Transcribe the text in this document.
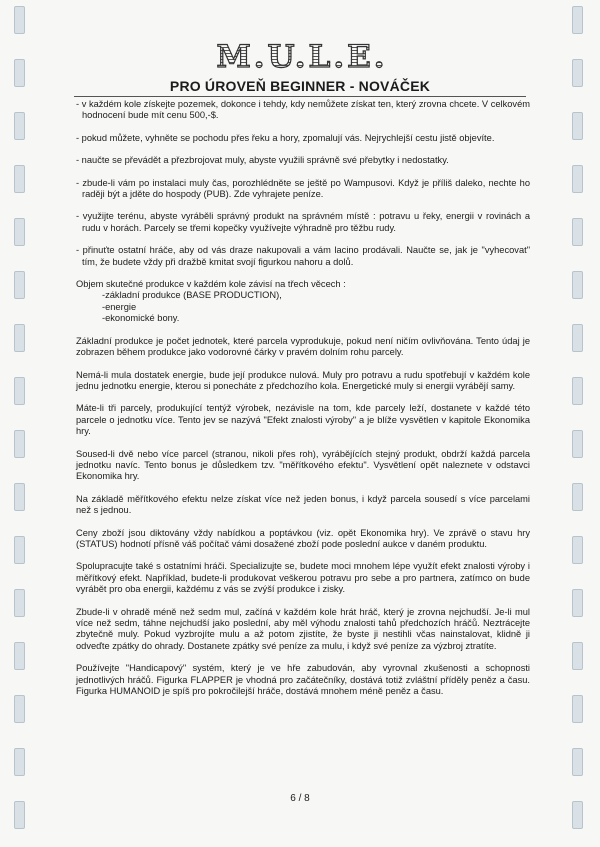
M.U.L.E.
PRO ÚROVEŇ BEGINNER - NOVÁČEK

- v každém kole získejte pozemek, dokonce i tehdy, kdy nemůžete získat ten, který zrovna chcete. V celkovém hodnocení bude mít cenu 500,-$.

- pokud můžete, vyhněte se pochodu přes řeku a hory, zpomalují vás. Nejrychlejší cestu jistě objevíte.

- naučte se převádět a přezbrojovat muly, abyste využili správně své přebytky i nedostatky.

- zbude-li vám po instalaci muly čas, porozhlédněte se ještě po Wampusovi. Když je příliš daleko, nechte ho raději být a jděte do hospody (PUB). Zde vyhrajete peníze.

- využijte terénu, abyste vyráběli správný produkt na správném místě : potravu u řeky, energii v rovinách a rudu v horách. Parcely se třemi kopečky využívejte výhradně pro těžbu rudy.

- přinuťte ostatní hráče, aby od vás draze nakupovali a vám lacino prodávali. Naučte se, jak je "vyhecovat" tím, že budete vždy při dražbě kmitat svojí figurkou nahoru a dolů.

Objem skutečné produkce v každém kole závisí na třech věcech :
-základní produkce (BASE PRODUCTION),
-energie
-ekonomické bony.

Základní produkce je počet jednotek, které parcela vyprodukuje, pokud není ničím ovlivňována. Tento údaj je zobrazen během produkce jako vodorovné čárky v pravém dolním rohu parcely.

Nemá-li mula dostatek energie, bude její produkce nulová. Muly pro potravu a rudu spotřebují v každém kole jednu jednotku energie, kterou si ponecháte z předchozího kola. Energetické muly si energii vyrábějí samy.

Máte-li tři parcely, produkující tentýž výrobek, nezávisle na tom, kde parcely leží, dostanete v každé této parcele o jednotku více. Tento jev se nazývá "Efekt znalosti výroby" a je blíže vysvětlen v kapitole Ekonomika hry.

Soused-li dvě nebo více parcel (stranou, nikoli přes roh), vyrábějících stejný produkt, obdrží každá parcela jednotku navíc. Tento bonus je důsledkem tzv. "měřítkového efektu". Vysvětlení opět naleznete v odstavci Ekonomika hry.

Na základě měřítkového efektu nelze získat více než jeden bonus, i když parcela sousedí s více parcelami než s jednou.

Ceny zboží jsou diktovány vždy nabídkou a poptávkou (viz. opět Ekonomika hry). Ve zprávě o stavu hry (STATUS) hodnotí přísně váš počítač vámi dosažené zboží pode poslední aukce v daném produktu.

Spolupracujte také s ostatními hráči. Specializujte se, budete moci mnohem lépe využít efekt znalosti výroby i měřítkový efekt. Například, budete-li produkovat veškerou potravu pro sebe a pro partnera, zatímco on bude vyrábět pro oba energii, každému z vás se zvýší produkce i zisky.

Zbude-li v ohradě méně než sedm mul, začíná v každém kole hrát hráč, který je zrovna nejchudší. Je-li mul více než sedm, táhne nejchudší jako poslední, aby měl výhodu znalosti tahů předchozích hráčů. Neztrácejte zbytečně muly. Pokud vyzbrojíte mulu a až potom zjistíte, že byste ji nestihli včas nainstalovat, klidně ji odveďte zpátky do ohrady. Dostanete zpátky své peníze za mulu, i když své peníze za výzbroj ztratíte.

Používejte "Handicapový" systém, který je ve hře zabudován, aby vyrovnal zkušenosti a schopnosti jednotlivých hráčů. Figurka FLAPPER je vhodná pro začátečníky, dostává totiž zvláštní příděly peněz a času. Figurka HUMANOID je spíš pro pokročilejší hráče, dostává mnohem méně peněz a času.

6 / 8
